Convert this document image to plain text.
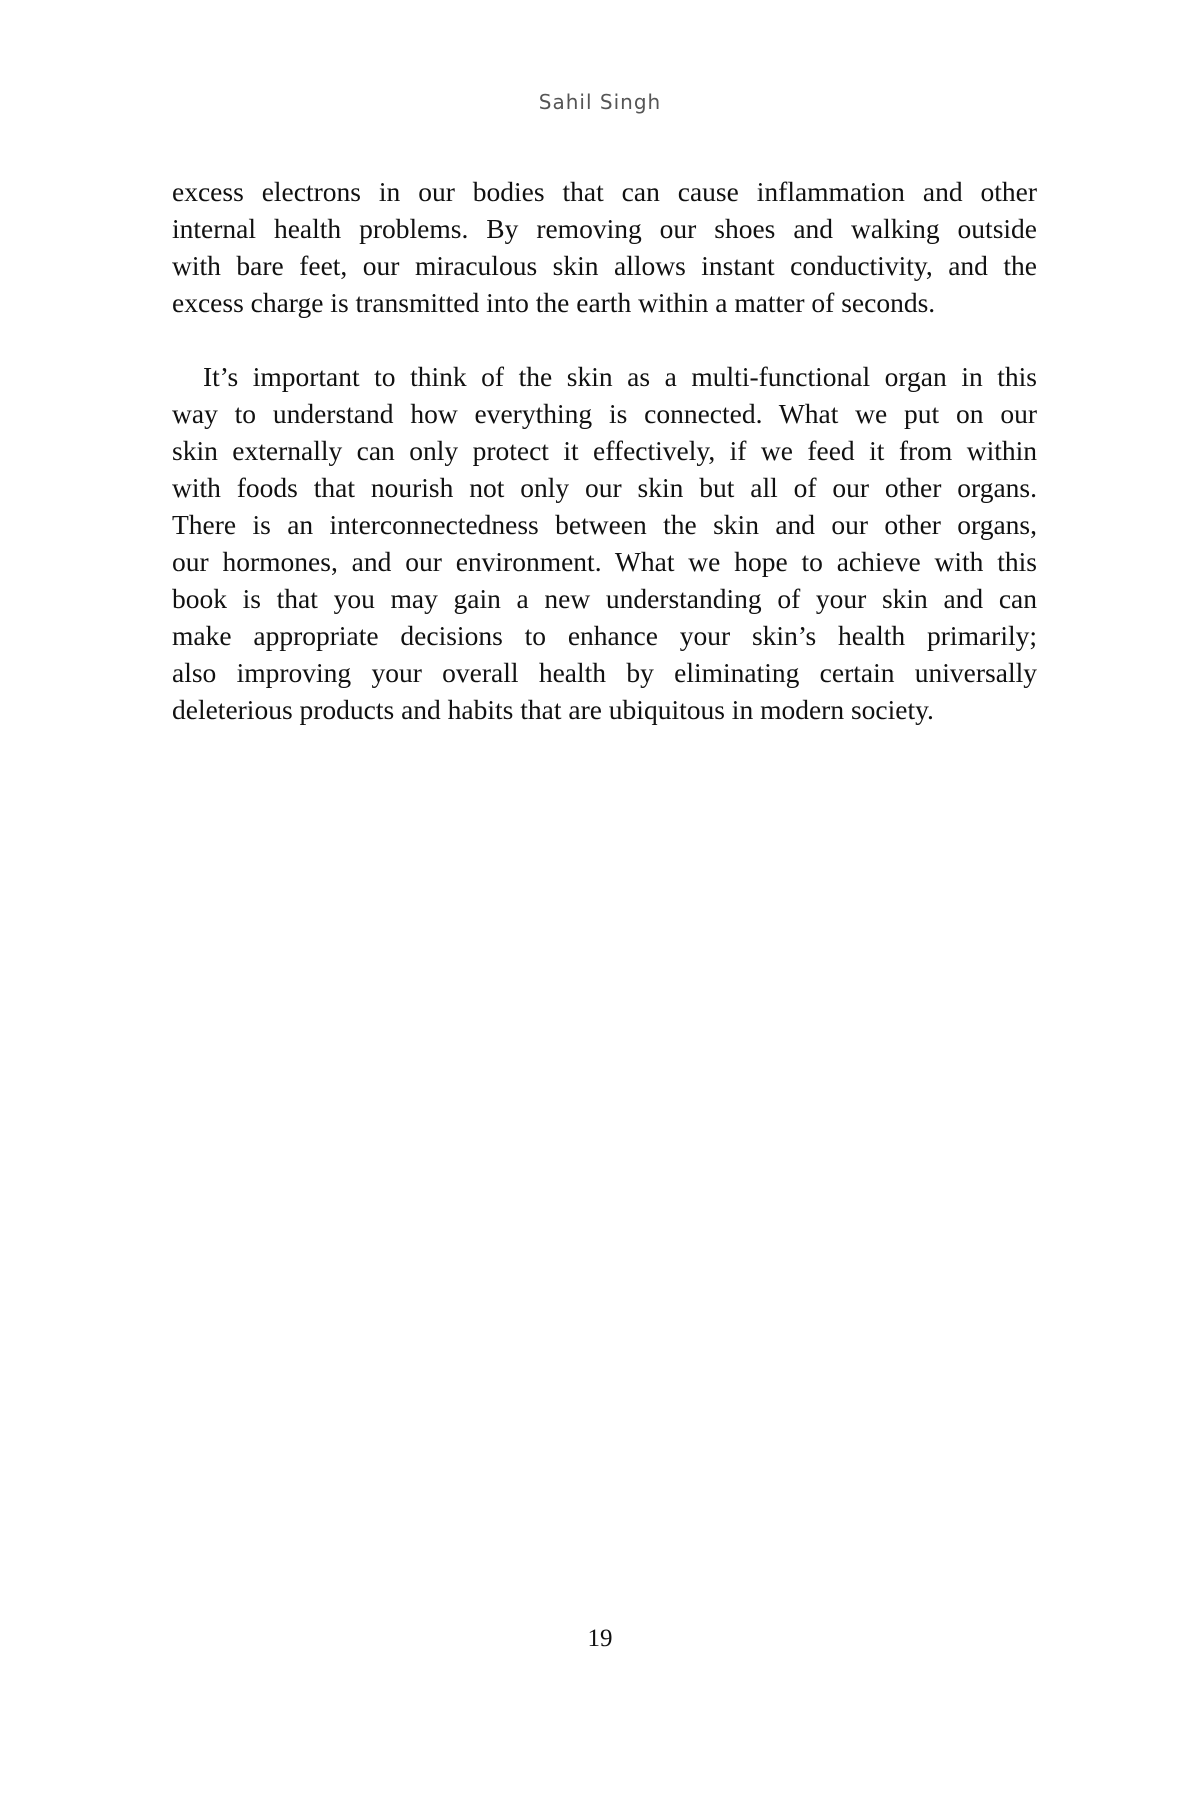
Sahil Singh
excess electrons in our bodies that can cause inflammation and other
internal health problems. By removing our shoes and walking outside
with bare feet, our miraculous skin allows instant conductivity, and the
excess charge is transmitted into the earth within a matter of seconds.
It’s important to think of the skin as a multi-functional organ in this
way to understand how everything is connected. What we put on our
skin externally can only protect it effectively, if we feed it from within
with foods that nourish not only our skin but all of our other organs.
There is an interconnectedness between the skin and our other organs,
our hormones, and our environment. What we hope to achieve with this
book is that you may gain a new understanding of your skin and can
make appropriate decisions to enhance your skin’s health primarily;
also improving your overall health by eliminating certain universally
deleterious products and habits that are ubiquitous in modern society.
19
